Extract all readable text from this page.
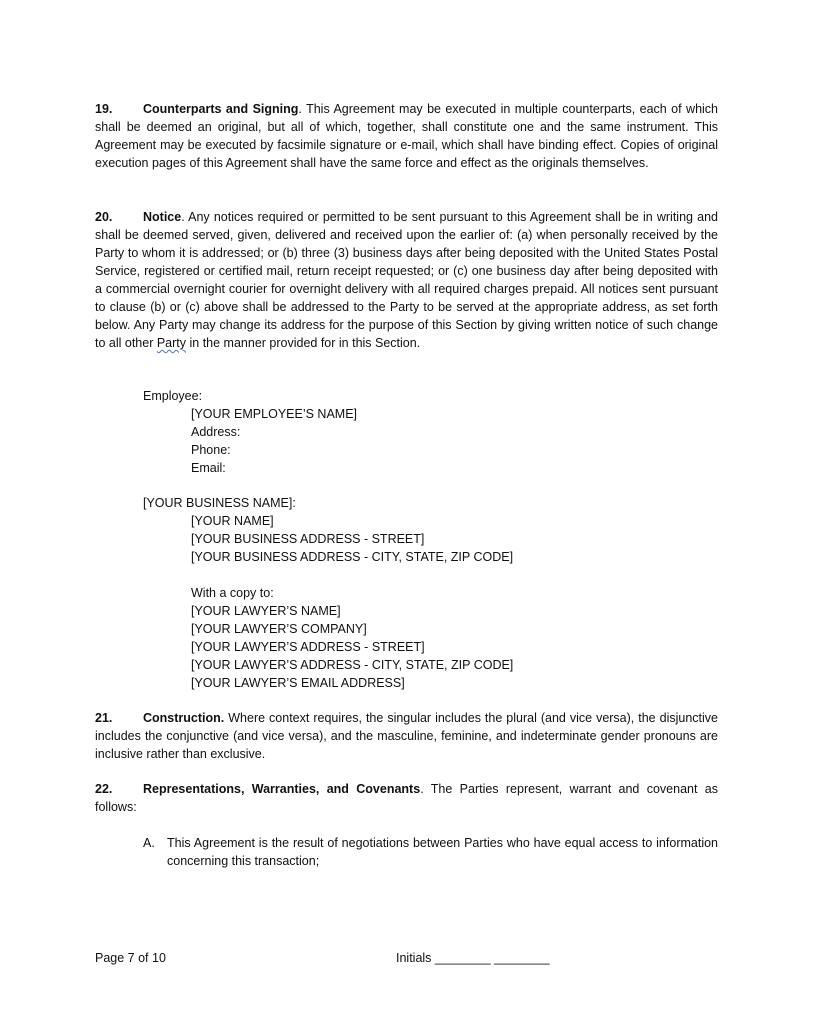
19. Counterparts and Signing. This Agreement may be executed in multiple counterparts, each of which shall be deemed an original, but all of which, together, shall constitute one and the same instrument. This Agreement may be executed by facsimile signature or e-mail, which shall have binding effect. Copies of original execution pages of this Agreement shall have the same force and effect as the originals themselves.

20. Notice. Any notices required or permitted to be sent pursuant to this Agreement shall be in writing and shall be deemed served, given, delivered and received upon the earlier of: (a) when personally received by the Party to whom it is addressed; or (b) three (3) business days after being deposited with the United States Postal Service, registered or certified mail, return receipt requested; or (c) one business day after being deposited with a commercial overnight courier for overnight delivery with all required charges prepaid. All notices sent pursuant to clause (b) or (c) above shall be addressed to the Party to be served at the appropriate address, as set forth below. Any Party may change its address for the purpose of this Section by giving written notice of such change to all other Party in the manner provided for in this Section.

Employee:
[YOUR EMPLOYEE’S NAME]
Address:
Phone:
Email:
[YOUR BUSINESS NAME]:
[YOUR NAME]
[YOUR BUSINESS ADDRESS - STREET]
[YOUR BUSINESS ADDRESS - CITY, STATE, ZIP CODE]
With a copy to:
[YOUR LAWYER’S NAME]
[YOUR LAWYER’S COMPANY]
[YOUR LAWYER’S ADDRESS - STREET]
[YOUR LAWYER’S ADDRESS - CITY, STATE, ZIP CODE]
[YOUR LAWYER’S EMAIL ADDRESS]

21. Construction. Where context requires, the singular includes the plural (and vice versa), the disjunctive includes the conjunctive (and vice versa), and the masculine, feminine, and indeterminate gender pronouns are inclusive rather than exclusive.

22. Representations, Warranties, and Covenants. The Parties represent, warrant and covenant as follows:

A. This Agreement is the result of negotiations between Parties who have equal access to information concerning this transaction;
Page 7 of 10	Initials ________ ________
